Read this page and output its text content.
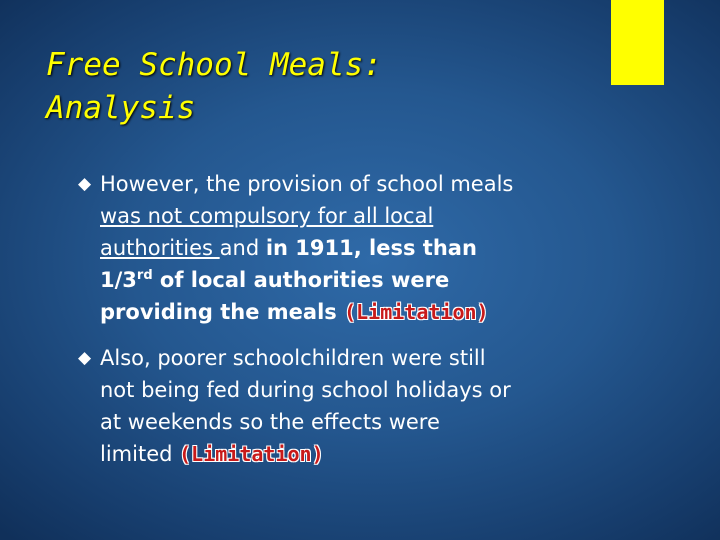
Free School Meals:
Analysis
◆ However, the provision of school meals
was not compulsory for all local
authorities and in 1911, less than
1/3rd of local authorities were
providing the meals (Limitation)
◆ Also, poorer schoolchildren were still
not being fed during school holidays or
at weekends so the effects were
limited (Limitation)
